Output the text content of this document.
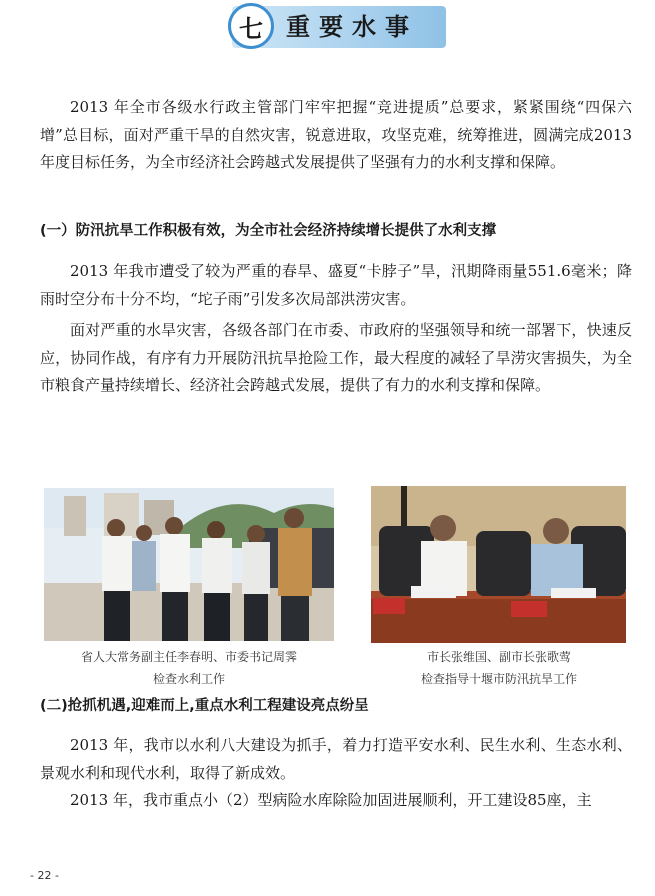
七 重要水事

2013 年全市各级水行政主管部门牢牢把握“竞进提质”总要求，紧紧围绕“四保六增”总目标，面对严重干旱的自然灾害，锐意进取，攻坚克难，统筹推进，圆满完成2013年度目标任务，为全市经济社会跨越式发展提供了坚强有力的水利支撑和保障。

(一）防汛抗旱工作积极有效，为全市社会经济持续增长提供了水利支撑

2013 年我市遭受了较为严重的春旱、盛夏“卡脖子”旱，汛期降雨量551.6毫米；降雨时空分布十分不均，“坨子雨”引发多次局部洪涝灾害。

面对严重的水旱灾害，各级各部门在市委、市政府的坚强领导和统一部署下，快速反应，协同作战，有序有力开展防汛抗旱抢险工作，最大程度的减轻了旱涝灾害损失，为全市粮食产量持续增长、经济社会跨越式发展，提供了有力的水利支撑和保障。

省人大常务副主任李春明、市委书记周霁
检查水利工作

市长张维国、副市长张歌莺
检查指导十堰市防汛抗旱工作

(二)抢抓机遇,迎难而上,重点水利工程建设亮点纷呈

2013 年，我市以水利八大建设为抓手，着力打造平安水利、民生水利、生态水利、景观水利和现代水利，取得了新成效。

2013 年，我市重点小（2）型病险水库除险加固进展顺利，开工建设85座，主

- 22 -
